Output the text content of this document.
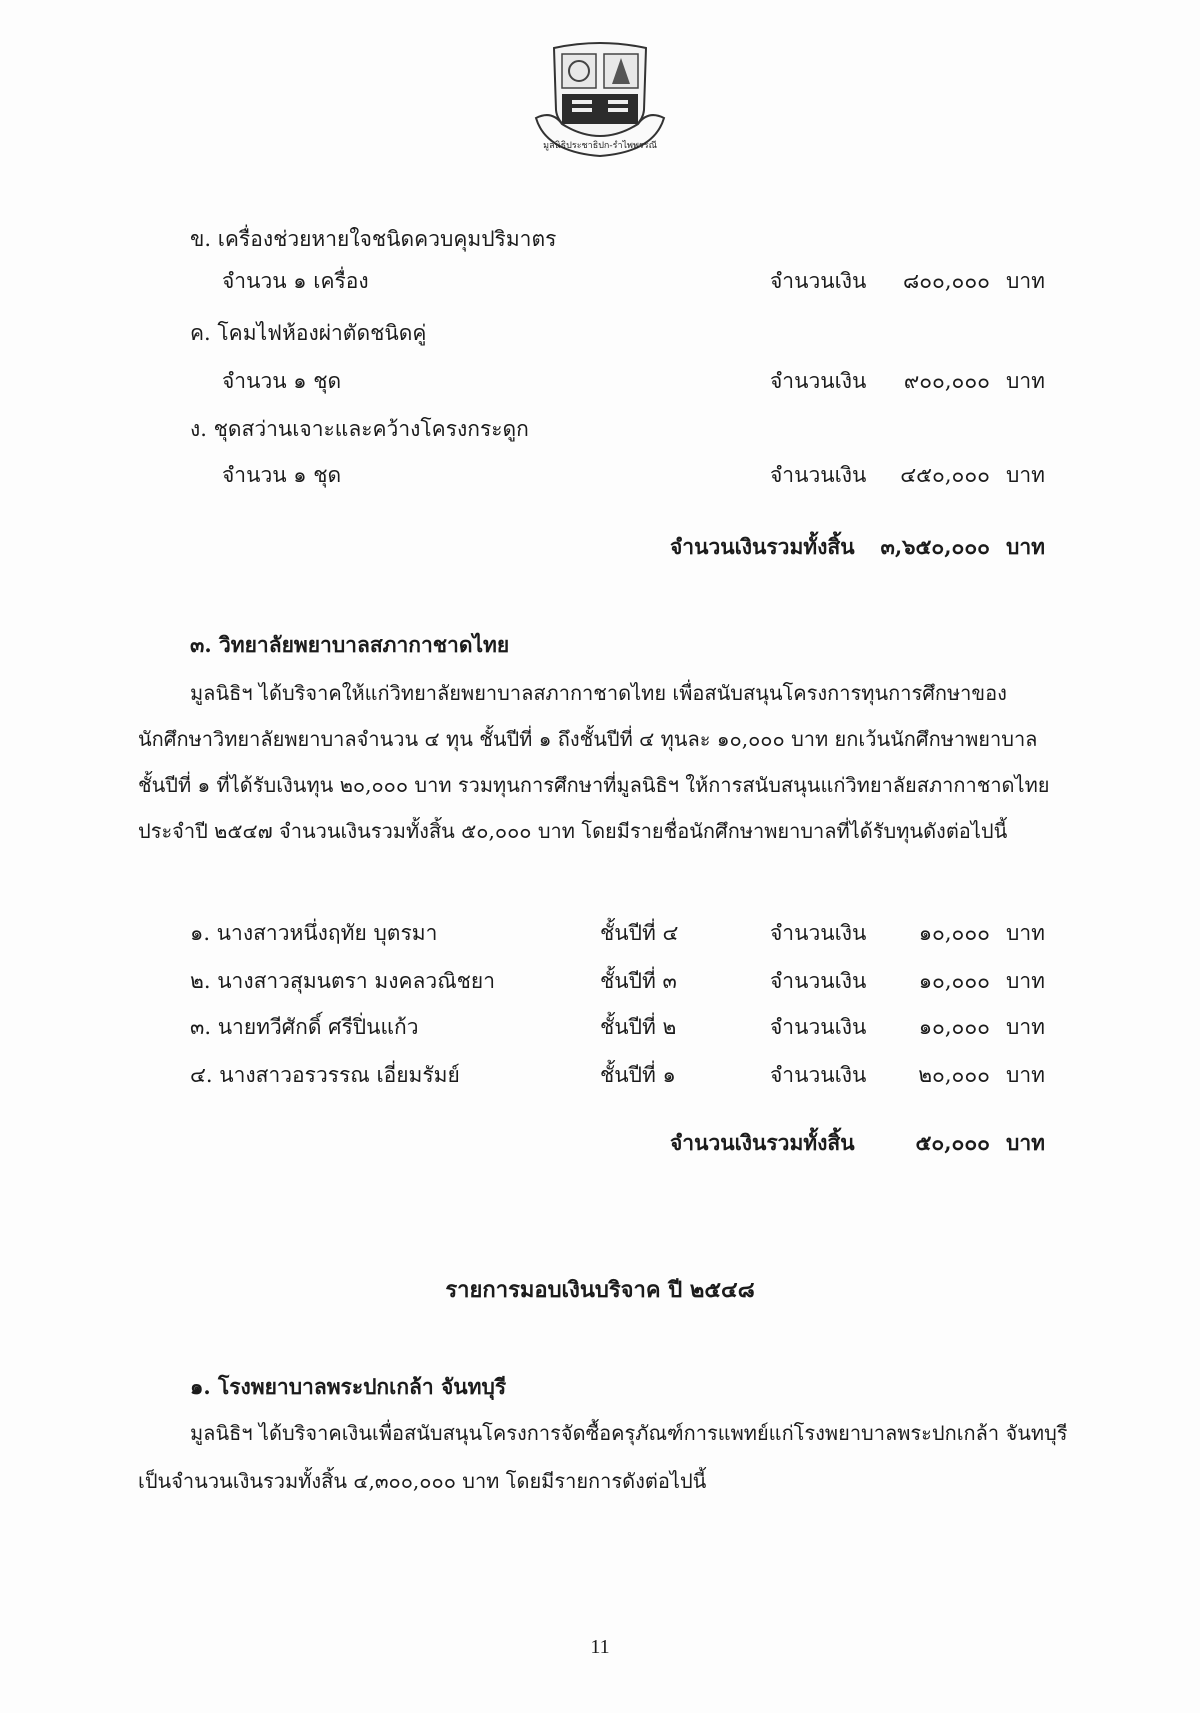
มูลนิธิประชาธิปก-รำไพพรรณี
ข. เครื่องช่วยหายใจชนิดควบคุมปริมาตร
จำนวน ๑ เครื่อง	จำนวนเงิน	๘๐๐,๐๐๐ บาท
ค. โคมไฟห้องผ่าตัดชนิดคู่
จำนวน ๑ ชุด	จำนวนเงิน	๙๐๐,๐๐๐ บาท
ง. ชุดสว่านเจาะและคว้างโครงกระดูก
จำนวน ๑ ชุด	จำนวนเงิน	๔๕๐,๐๐๐ บาท
จำนวนเงินรวมทั้งสิ้น	๓,๖๕๐,๐๐๐ บาท
๓. วิทยาลัยพยาบาลสภากาชาดไทย
มูลนิธิฯ ได้บริจาคให้แก่วิทยาลัยพยาบาลสภากาชาดไทย เพื่อสนับสนุนโครงการทุนการศึกษาของ
นักศึกษาวิทยาลัยพยาบาลจำนวน ๔ ทุน ชั้นปีที่ ๑ ถึงชั้นปีที่ ๔ ทุนละ ๑๐,๐๐๐ บาท ยกเว้นนักศึกษาพยาบาล
ชั้นปีที่ ๑ ที่ได้รับเงินทุน ๒๐,๐๐๐ บาท รวมทุนการศึกษาที่มูลนิธิฯ ให้การสนับสนุนแก่วิทยาลัยสภากาชาดไทย
ประจำปี ๒๕๔๗ จำนวนเงินรวมทั้งสิ้น ๕๐,๐๐๐ บาท โดยมีรายชื่อนักศึกษาพยาบาลที่ได้รับทุนดังต่อไปนี้
๑. นางสาวหนึ่งฤทัย บุตรมา	ชั้นปีที่ ๔	จำนวนเงิน	๑๐,๐๐๐ บาท
๒. นางสาวสุมนตรา มงคลวณิชยา	ชั้นปีที่ ๓	จำนวนเงิน	๑๐,๐๐๐ บาท
๓. นายทวีศักดิ์ ศรีปิ่นแก้ว	ชั้นปีที่ ๒	จำนวนเงิน	๑๐,๐๐๐ บาท
๔. นางสาวอรวรรณ เอี่ยมรัมย์	ชั้นปีที่ ๑	จำนวนเงิน	๒๐,๐๐๐ บาท
จำนวนเงินรวมทั้งสิ้น	๕๐,๐๐๐ บาท
รายการมอบเงินบริจาค ปี ๒๕๔๘
๑. โรงพยาบาลพระปกเกล้า จันทบุรี
มูลนิธิฯ ได้บริจาคเงินเพื่อสนับสนุนโครงการจัดซื้อครุภัณฑ์การแพทย์แก่โรงพยาบาลพระปกเกล้า จันทบุรี
เป็นจำนวนเงินรวมทั้งสิ้น ๔,๓๐๐,๐๐๐ บาท โดยมีรายการดังต่อไปนี้
11
